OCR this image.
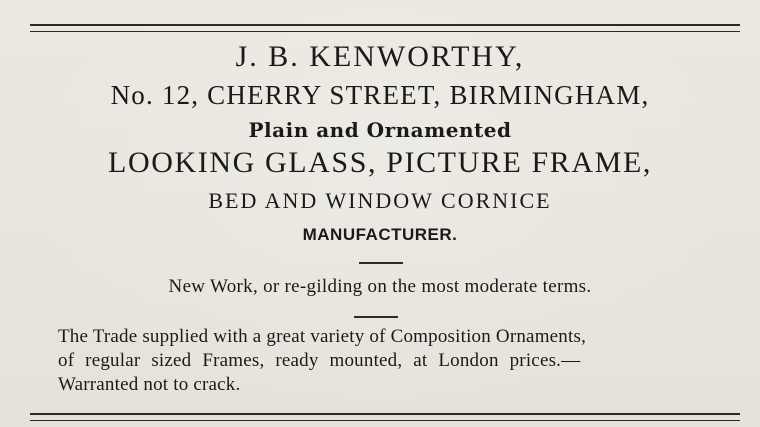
J. B. KENWORTHY,
No. 12, CHERRY STREET, BIRMINGHAM,
Plain and Ornamented
LOOKING GLASS, PICTURE FRAME,
BED AND WINDOW CORNICE
MANUFACTURER.
New Work, or re-gilding on the most moderate terms.
The Trade supplied with a great variety of Composition Ornaments,
of regular sized Frames, ready mounted, at London prices.—
Warranted not to crack.
